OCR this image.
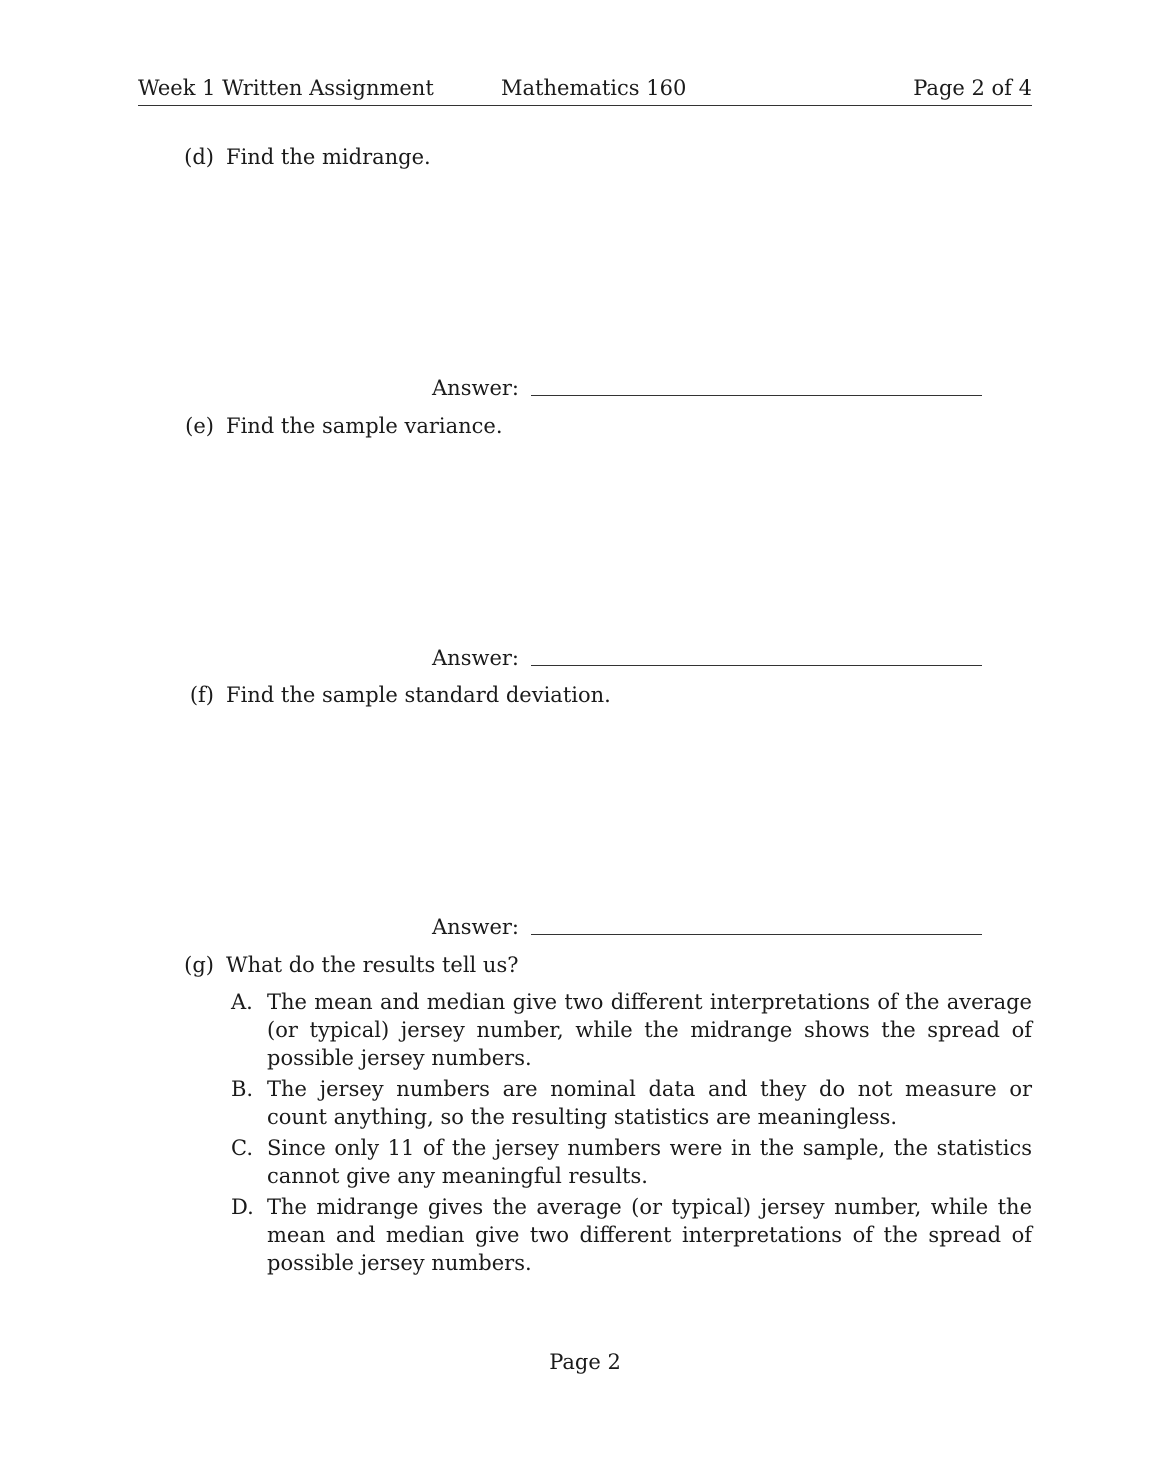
Week 1 Written Assignment	Mathematics 160	Page 2 of 4
(d) Find the midrange.
Answer:
(e) Find the sample variance.
Answer:
(f) Find the sample standard deviation.
Answer:
(g) What do the results tell us?
A. The mean and median give two different interpretations of the average (or typical) jersey number, while the midrange shows the spread of possible jersey numbers.
B. The jersey numbers are nominal data and they do not measure or count anything, so the resulting statistics are meaningless.
C. Since only 11 of the jersey numbers were in the sample, the statistics cannot give any meaningful results.
D. The midrange gives the average (or typical) jersey number, while the mean and median give two different interpretations of the spread of possible jersey numbers.
Page 2
